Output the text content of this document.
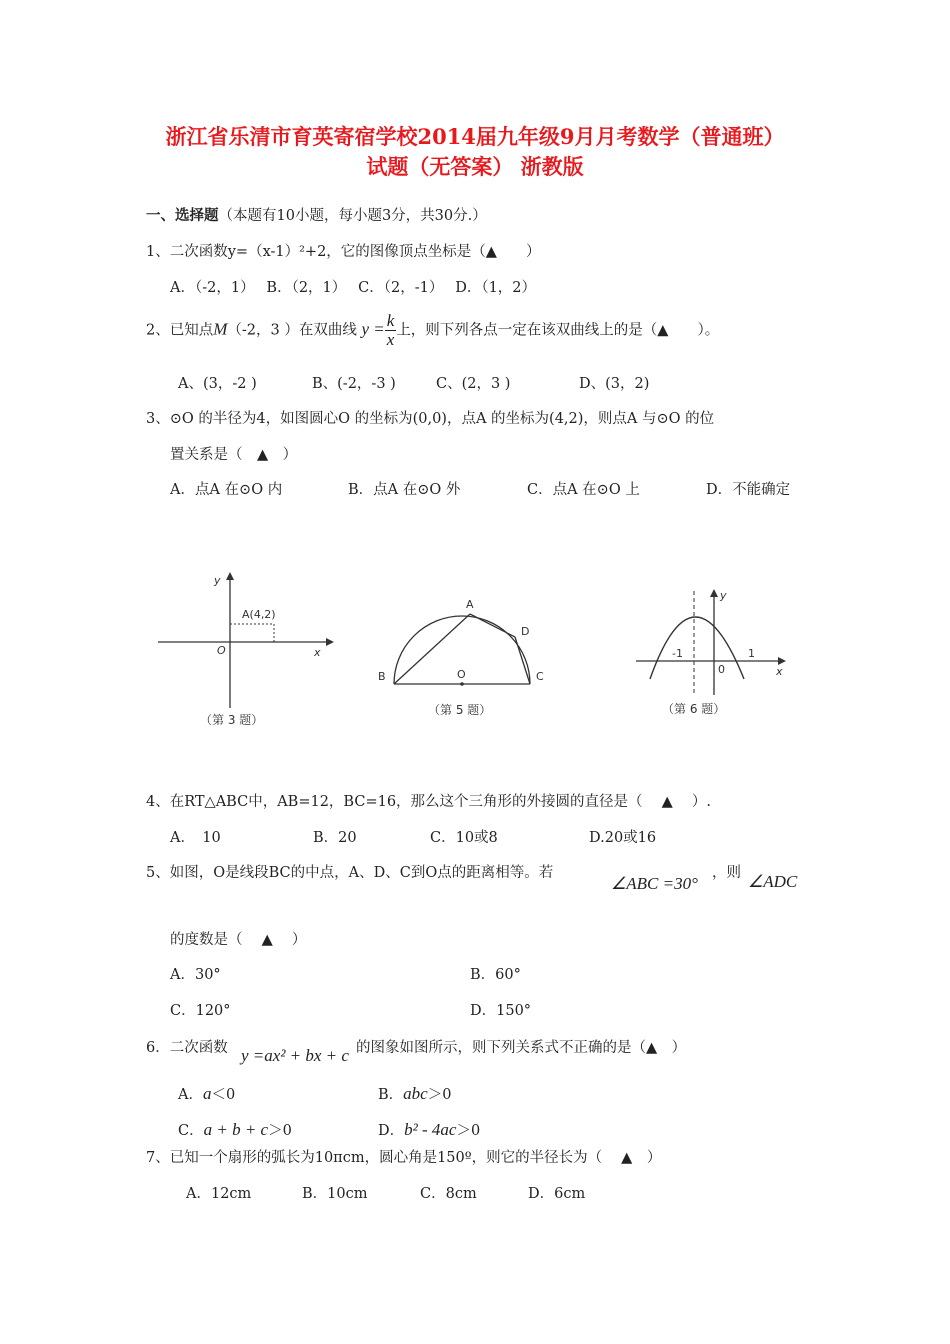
浙江省乐清市育英寄宿学校2014届九年级9月月考数学（普通班）
试题（无答案） 浙教版
一、选择题（本题有10小题，每小题3分，共30分.）
1、二次函数y=（x-1）²+2，它的图像顶点坐标是（▲　　）
A．（-2，1）　 B．（2，1）　 C．（2，-1）　 D．（1，2）
2、已知点M（-2，3 ）在双曲线 $y = \frac{k}{x}$ 上，则下列各点一定在该双曲线上的是（▲　　）。
A、(3，-2 )	B、(-2，-3 )	C、(2，3 )	D、(3，2)
3、⊙O 的半径为4，如图圆心O 的坐标为(0,0)，点A 的坐标为(4,2)，则点A 与⊙O 的位
置关系是（　▲　）
A．点A 在⊙O 内	B．点A 在⊙O 外	C．点A 在⊙O 上	D．不能确定
y
x
O
A(4,2)
（第 3 题）
A
B	C
D
O
（第 5 题）
y
x
-1
0
1
（第 6 题）
4、在RT△ABC中，AB=12，BC=16，那么这个三角形的外接圆的直径是（　 ▲　 ）.
A．　10	B．20	C．10或8	D.20或16
5、如图，O是线段BC的中点，A、D、C到O点的距离相等。若
∠ABC =30°
，则 ∠ADC
的度数是（　 ▲　 ）
A．30°	B．60°
C．120°	D．150°
6．二次函数 y =ax² + bx + c 的图象如图所示，则下列关系式不正确的是（▲　）
A．a＜0	B．abc＞0
C．a + b + c＞0	D．b² - 4ac＞0
7、已知一个扇形的弧长为10πcm，圆心角是150º，则它的半径长为（　 ▲　）
A．12cm	B．10cm	C．8cm	D．6cm
